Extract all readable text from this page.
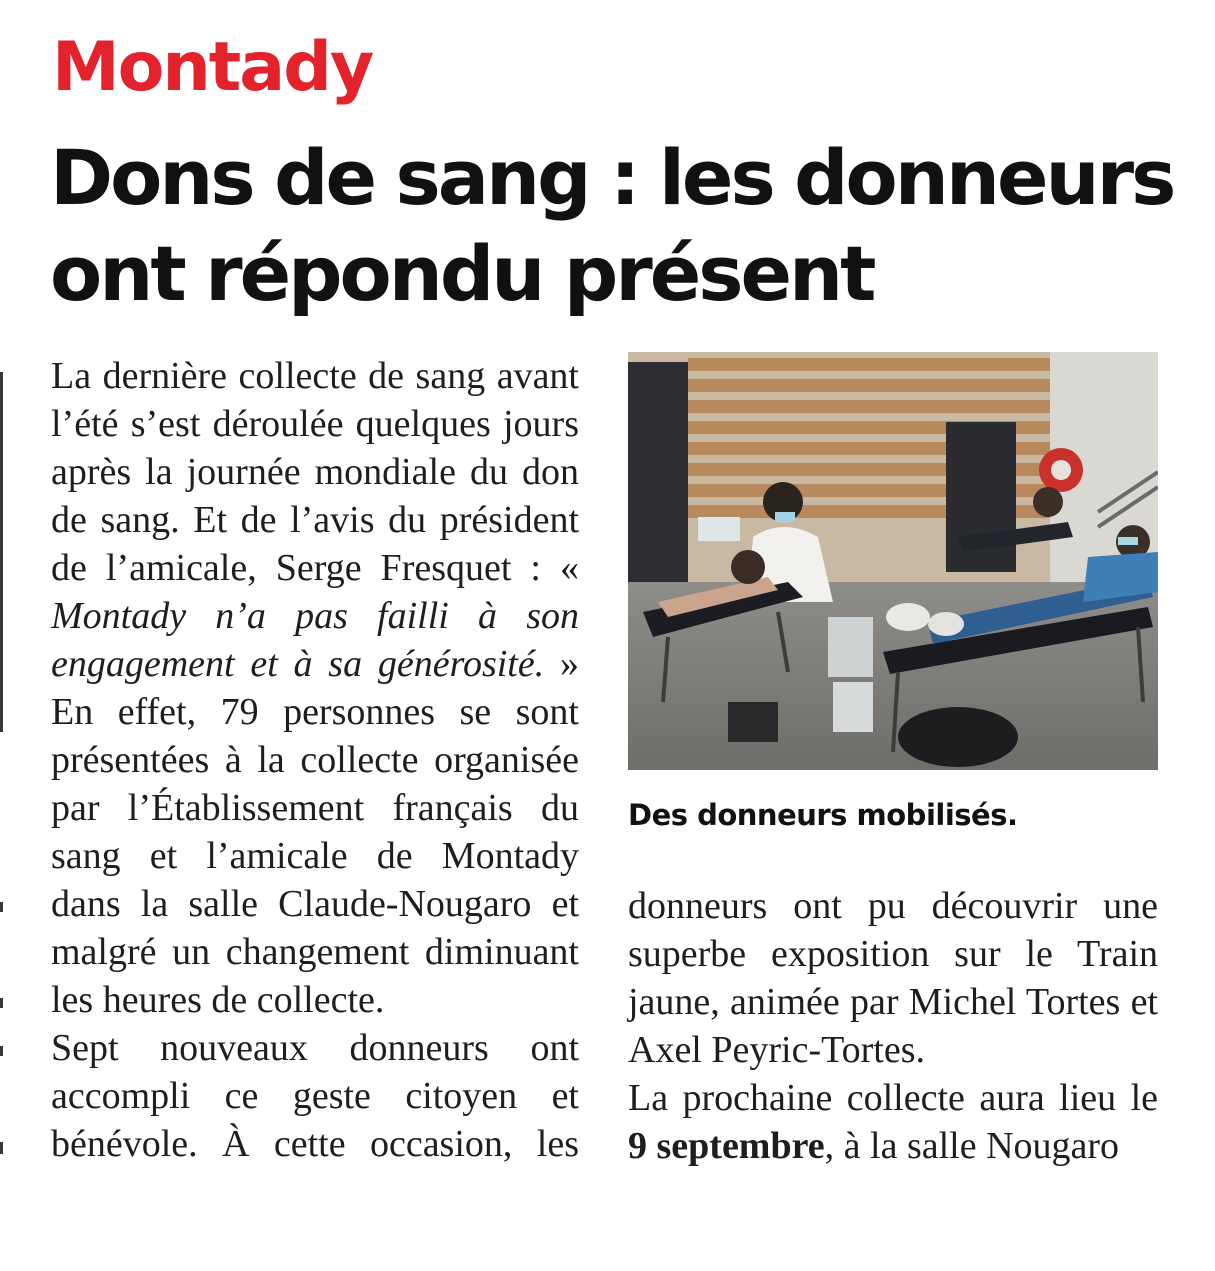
Montady
Dons de sang : les donneurs
ont répondu présent

La dernière collecte de sang avant l’été s’est déroulée quelques jours après la journée mondiale du don de sang. Et de l’avis du président de l’amicale, Serge Fresquet : « Montady n’a pas failli à son engagement et à sa générosité. »

En effet, 79 personnes se sont présentées à la collecte organisée par l’Établissement français du sang et l’amicale de Montady dans la salle Claude-Nougaro et malgré un changement diminuant les heures de collecte.

Sept nouveaux donneurs ont accompli ce geste citoyen et bénévole. À cette occasion, les

Des donneurs mobilisés.

donneurs ont pu découvrir une superbe exposition sur le Train jaune, animée par Michel Tortes et Axel Peyric-Tortes.

La prochaine collecte aura lieu le 9 septembre, à la salle Nougaro
